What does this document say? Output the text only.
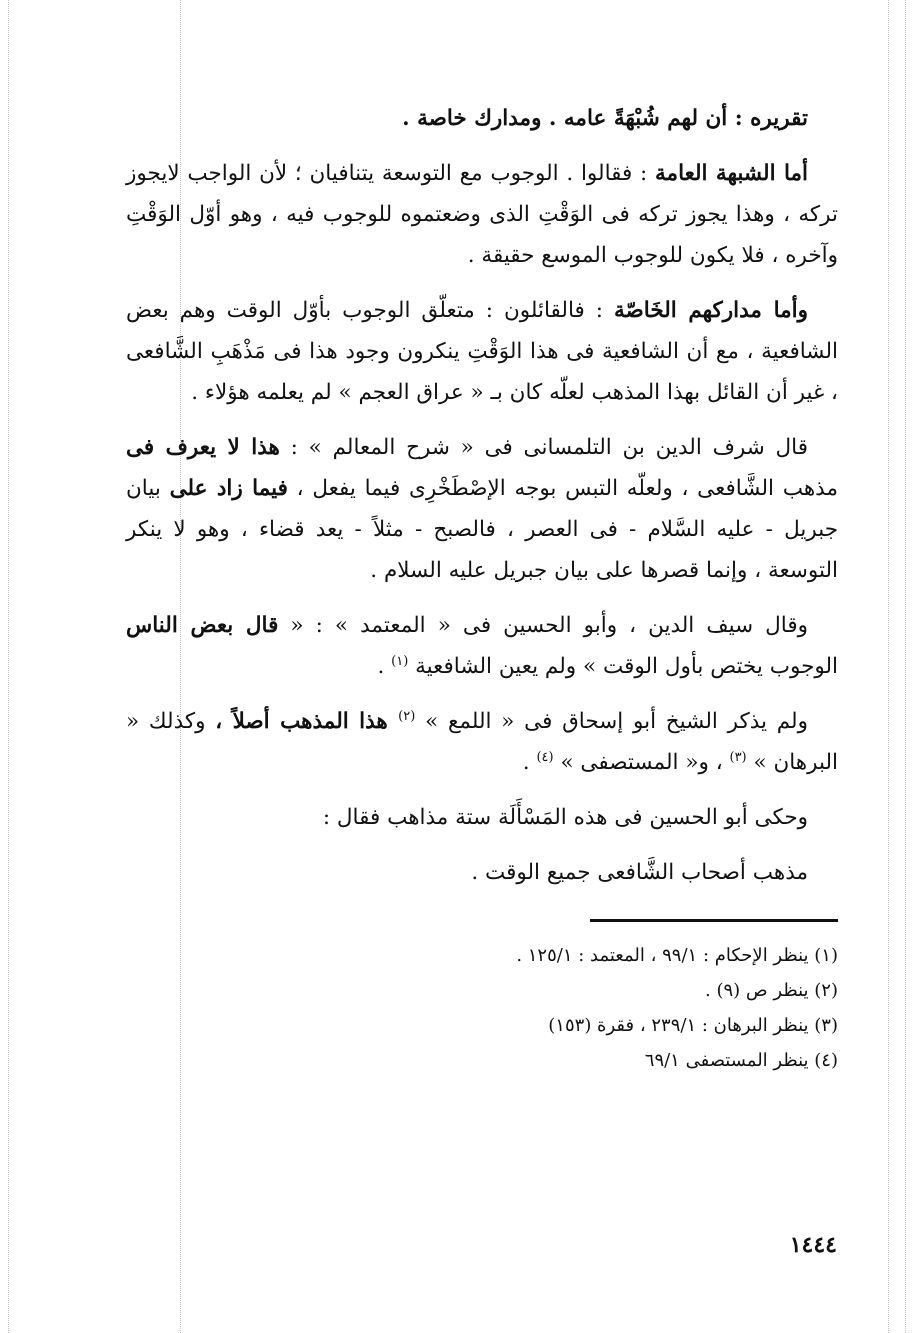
تقريره : أن لهم شُبْهَةً عامه . ومدارك خاصة .

أما الشبهة العامة : فقالوا . الوجوب مع التوسعة يتنافيان ؛ لأن الواجب لايجوز تركه ، وهذا يجوز تركه فى الوَقْتِ الذى وضعتموه للوجوب فيه ، وهو أوّل الوَقْتِ وآخره ، فلا يكون للوجوب الموسع حقيقة .

وأما مداركهم الخَاصّة : فالقائلون : متعلّق الوجوب بأوّل الوقت وهم بعض الشافعية ، مع أن الشافعية فى هذا الوَقْتِ ينكرون وجود هذا فى مَذْهَبِ الشَّافعى ، غير أن القائل بهذا المذهب لعلّه كان بـ « عراق العجم » لم يعلمه هؤلاء .

قال شرف الدين بن التلمسانى فى « شرح المعالم » : هذا لا يعرف فى مذهب الشَّافعى ، ولعلّه التبس بوجه الإصْطَخْرِى فيما يفعل ، فيما زاد على بيان جبريل - عليه السَّلام - فى العصر ، فالصبح - مثلاً - يعد قضاء ، وهو لا ينكر التوسعة ، وإنما قصرها على بيان جبريل عليه السلام .

وقال سيف الدين ، وأبو الحسين فى « المعتمد » : « قال بعض الناس الوجوب يختص بأول الوقت » ولم يعين الشافعية $^{(١)}$ .

ولم يذكر الشيخ أبو إسحاق فى « اللمع » $^{(٢)}$ هذا المذهب أصلاً ، وكذلك « البرهان » $^{(٣)}$ ، و« المستصفى » $^{(٤)}$ .

وحكى أبو الحسين فى هذه المَسْأَلَة ستة مذاهب فقال :

مذهب أصحاب الشَّافعى جميع الوقت .

(١) ينظر الإحكام : ٩٩/١ ، المعتمد : ١٢٥/١ .

(٢) ينظر ص (٩) .

(٣) ينظر البرهان : ٢٣٩/١ ، فقرة (١٥٣)

(٤) ينظر المستصفى ٦٩/١

١٤٤٤
